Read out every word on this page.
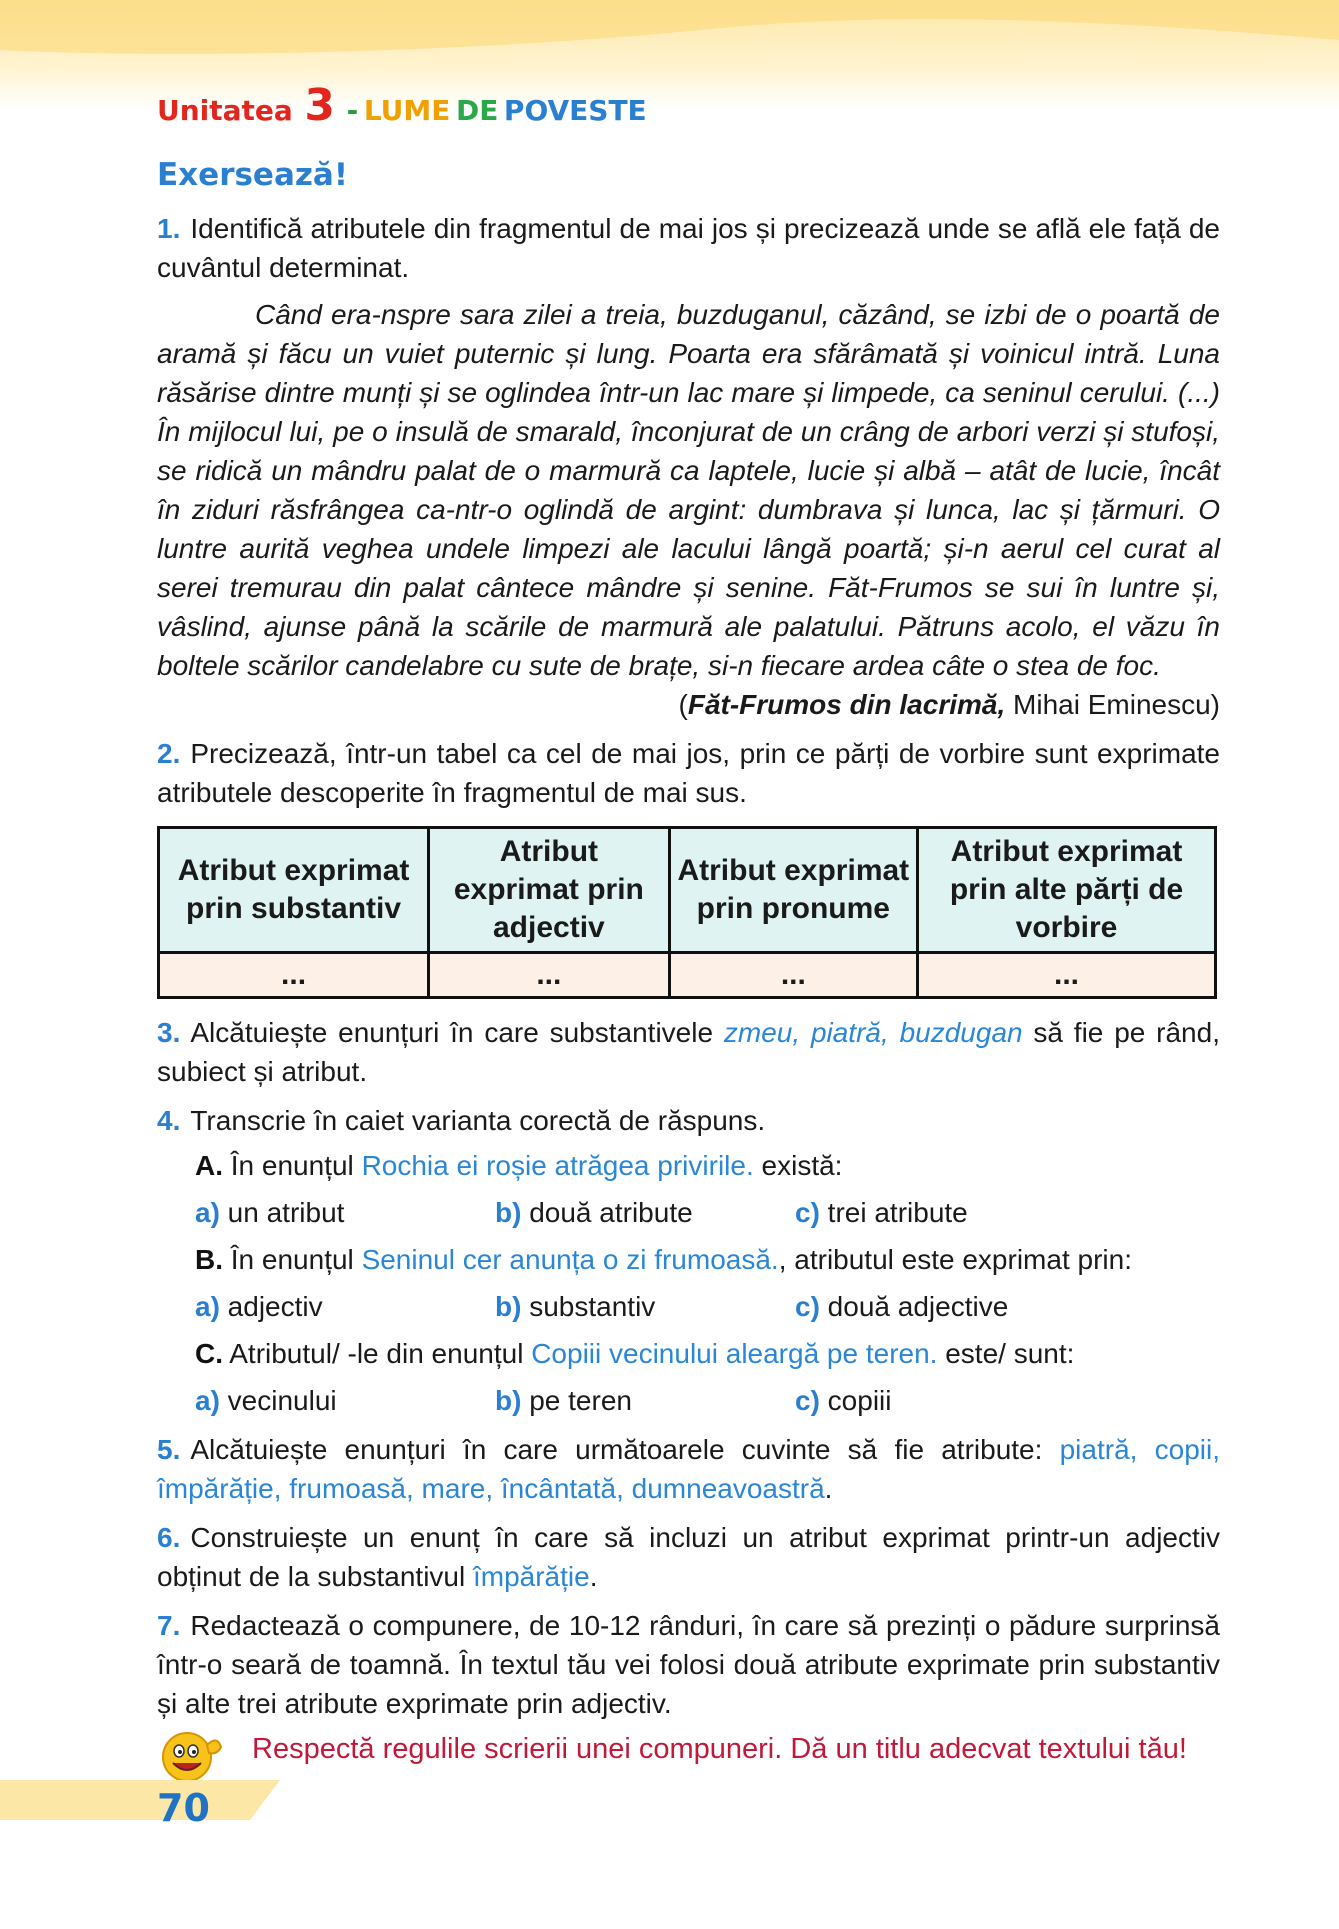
Unitatea 3 - LUME DE POVESTE
Exersează!
1. Identifică atributele din fragmentul de mai jos și precizează unde se află ele față de cuvântul determinat.
Când era-nspre sara zilei a treia, buzduganul, căzând, se izbi de o poartă de aramă și făcu un vuiet puternic și lung. Poarta era sfărâmată și voinicul intră. Luna răsărise dintre munți și se oglindea într-un lac mare și limpede, ca seninul cerului. (...) În mijlocul lui, pe o insulă de smarald, înconjurat de un crâng de arbori verzi și stufoși, se ridică un mândru palat de o marmură ca laptele, lucie și albă – atât de lucie, încât în ziduri răsfrângea ca-ntr-o oglindă de argint: dumbrava și lunca, lac și țărmuri. O luntre aurită veghea undele limpezi ale lacului lângă poartă; și-n aerul cel curat al serei tremurau din palat cântece mândre și senine. Făt-Frumos se sui în luntre și, vâslind, ajunse până la scările de marmură ale palatului. Pătruns acolo, el văzu în boltele scărilor candelabre cu sute de brațe, si-n fiecare ardea câte o stea de foc.
(Făt-Frumos din lacrimă, Mihai Eminescu)
2. Precizează, într-un tabel ca cel de mai jos, prin ce părți de vorbire sunt exprimate atributele descoperite în fragmentul de mai sus.
Atribut exprimat prin substantiv	Atribut exprimat prin adjectiv	Atribut exprimat prin pronume	Atribut exprimat prin alte părți de vorbire
...	...	...	...
3. Alcătuiește enunțuri în care substantivele zmeu, piatră, buzdugan să fie pe rând, subiect și atribut.
4. Transcrie în caiet varianta corectă de răspuns.
A. În enunțul Rochia ei roșie atrăgea privirile. există:
a) un atribut	b) două atribute	c) trei atribute
B. În enunțul Seninul cer anunța o zi frumoasă., atributul este exprimat prin:
a) adjectiv	b) substantiv	c) două adjective
C. Atributul/ -le din enunțul Copiii vecinului aleargă pe teren. este/ sunt:
a) vecinului	b) pe teren	c) copiii
5. Alcătuiește enunțuri în care următoarele cuvinte să fie atribute: piatră, copii, împărăție, frumoasă, mare, încântată, dumneavoastră.
6. Construiește un enunț în care să incluzi un atribut exprimat printr-un adjectiv obținut de la substantivul împărăție.
7. Redactează o compunere, de 10-12 rânduri, în care să prezinți o pădure surprinsă într-o seară de toamnă. În textul tău vei folosi două atribute exprimate prin substantiv și alte trei atribute exprimate prin adjectiv.
Respectă regulile scrierii unei compuneri. Dă un titlu adecvat textului tău!
70
